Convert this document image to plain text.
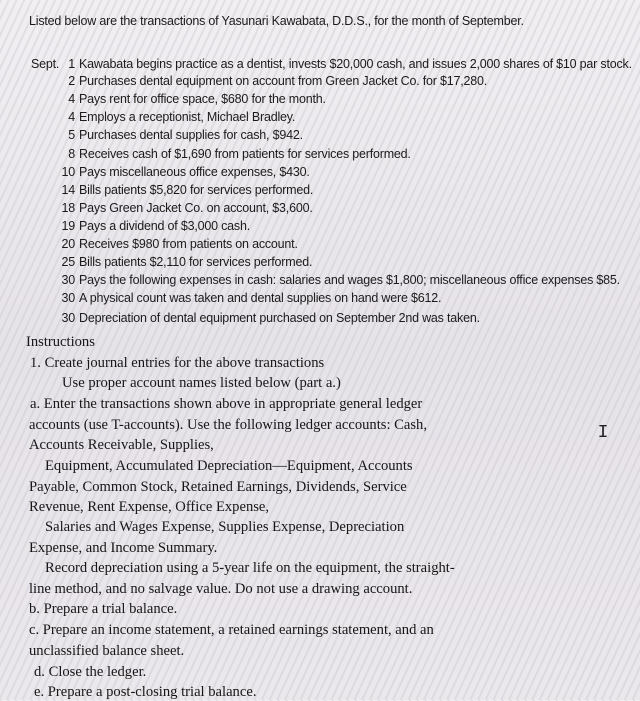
Listed below are the transactions of Yasunari Kawabata, D.D.S., for the month of September.
Sept. 1 Kawabata begins practice as a dentist, invests $20,000 cash, and issues 2,000 shares of $10 par stock.
2 Purchases dental equipment on account from Green Jacket Co. for $17,280.
4 Pays rent for office space, $680 for the month.
4 Employs a receptionist, Michael Bradley.
5 Purchases dental supplies for cash, $942.
8 Receives cash of $1,690 from patients for services performed.
10 Pays miscellaneous office expenses, $430.
14 Bills patients $5,820 for services performed.
18 Pays Green Jacket Co. on account, $3,600.
19 Pays a dividend of $3,000 cash.
20 Receives $980 from patients on account.
25 Bills patients $2,110 for services performed.
30 Pays the following expenses in cash: salaries and wages $1,800; miscellaneous office expenses $85.
30 A physical count was taken and dental supplies on hand were $612.
30 Depreciation of dental equipment purchased on September 2nd was taken.
Instructions
1. Create journal entries for the above transactions
Use proper account names listed below (part a.)
a. Enter the transactions shown above in appropriate general ledger
accounts (use T-accounts). Use the following ledger accounts: Cash,
Accounts Receivable, Supplies,
Equipment, Accumulated Depreciation—Equipment, Accounts
Payable, Common Stock, Retained Earnings, Dividends, Service
Revenue, Rent Expense, Office Expense,
Salaries and Wages Expense, Supplies Expense, Depreciation
Expense, and Income Summary.
Record depreciation using a 5-year life on the equipment, the straight-
line method, and no salvage value. Do not use a drawing account.
b. Prepare a trial balance.
c. Prepare an income statement, a retained earnings statement, and an
unclassified balance sheet.
d. Close the ledger.
e. Prepare a post-closing trial balance.
I
